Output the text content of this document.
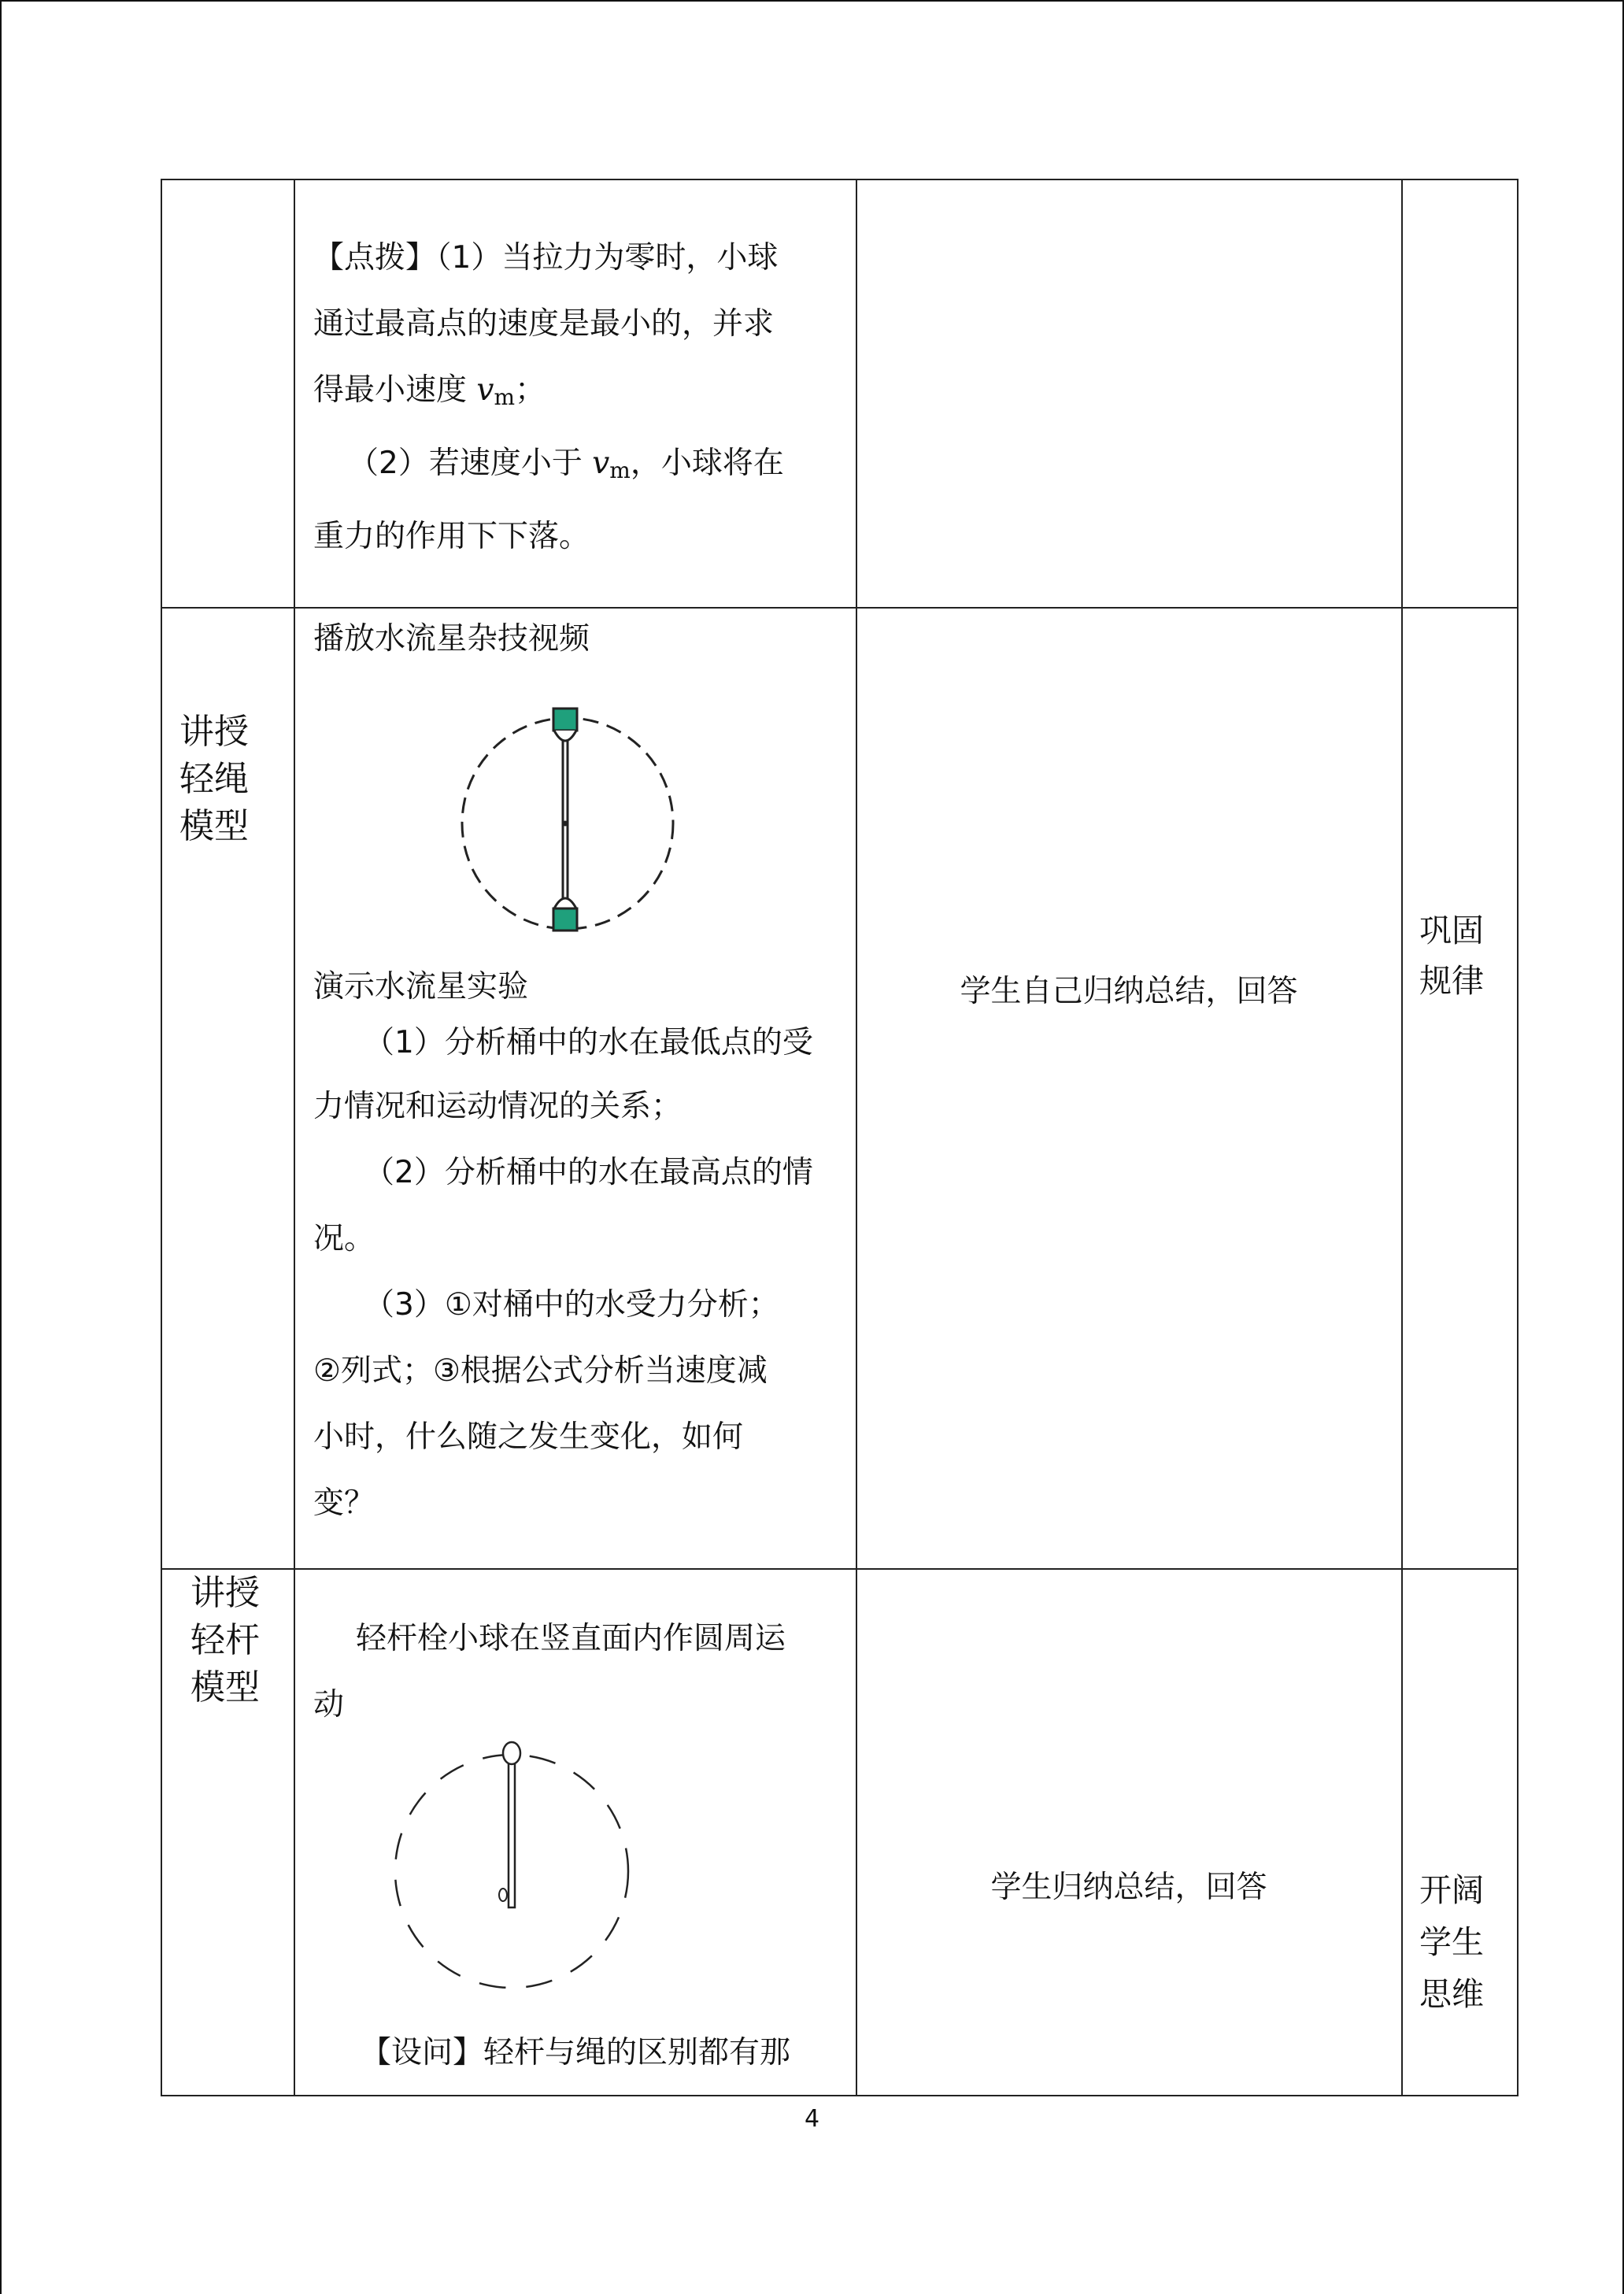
【点拨】（1）当拉力为零时，小球

通过最高点的速度是最小的，并求

得最小速度 $v_m$；

（2）若速度小于 $v_m$，小球将在

重力的作用下下落。

讲授

轻绳

模型

播放水流星杂技视频

演示水流星实验

（1）分析桶中的水在最低点的受

力情况和运动情况的关系；

（2）分析桶中的水在最高点的情

况。

（3）①对桶中的水受力分析；

②列式；③根据公式分析当速度减

小时，什么随之发生变化，如何

变？

学生自己归纳总结，回答

巩固

规律

讲授

轻杆

模型

轻杆栓小球在竖直面内作圆周运

动

【设问】轻杆与绳的区别都有那

学生归纳总结，回答	开阔

学生

思维

4
